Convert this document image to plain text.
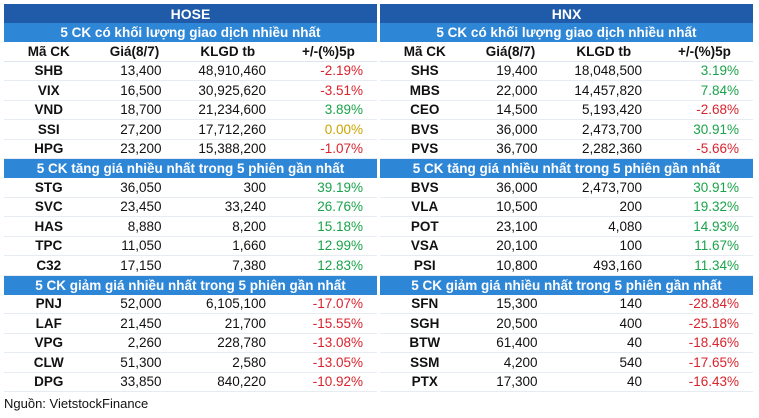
HOSE			
5 CK có khối lượng giao dịch nhiều nhất			
Mã CK	Giá(8/7)	KLGD tb	+/-(%)5p
SHB	13,400	48,910,460	-2.19%
VIX	16,500	30,925,620	-3.51%
VND	18,700	21,234,600	3.89%
SSI	27,200	17,712,260	0.00%
HPG	23,200	15,388,200	-1.07%
5 CK tăng giá nhiều nhất trong 5 phiên gần nhất			
STG	36,050	300	39.19%
SVC	23,450	33,240	26.76%
HAS	8,880	8,200	15.18%
TPC	11,050	1,660	12.99%
C32	17,150	7,380	12.83%
5 CK giảm giá nhiều nhất trong 5 phiên gần nhất			
PNJ	52,000	6,105,100	-17.07%
LAF	21,450	21,700	-15.55%
VPG	2,260	228,780	-13.08%
CLW	51,300	2,580	-13.05%
DPG	33,850	840,220	-10.92%
HNX			
5 CK có khối lượng giao dịch nhiều nhất			
Mã CK	Giá(8/7)	KLGD tb	+/-(%)5p
SHS	19,400	18,048,500	3.19%
MBS	22,000	14,457,820	7.84%
CEO	14,500	5,193,420	-2.68%
BVS	36,000	2,473,700	30.91%
PVS	36,700	2,282,360	-5.66%
5 CK tăng giá nhiều nhất trong 5 phiên gần nhất			
BVS	36,000	2,473,700	30.91%
VLA	10,500	200	19.32%
POT	23,100	4,080	14.93%
VSA	20,100	100	11.67%
PSI	10,800	493,160	11.34%
5 CK giảm giá nhiều nhất trong 5 phiên gần nhất			
SFN	15,300	140	-28.84%
SGH	20,500	400	-25.18%
BTW	61,400	40	-18.46%
SSM	4,200	540	-17.65%
PTX	17,300	40	-16.43%
Nguồn: VietstockFinance
